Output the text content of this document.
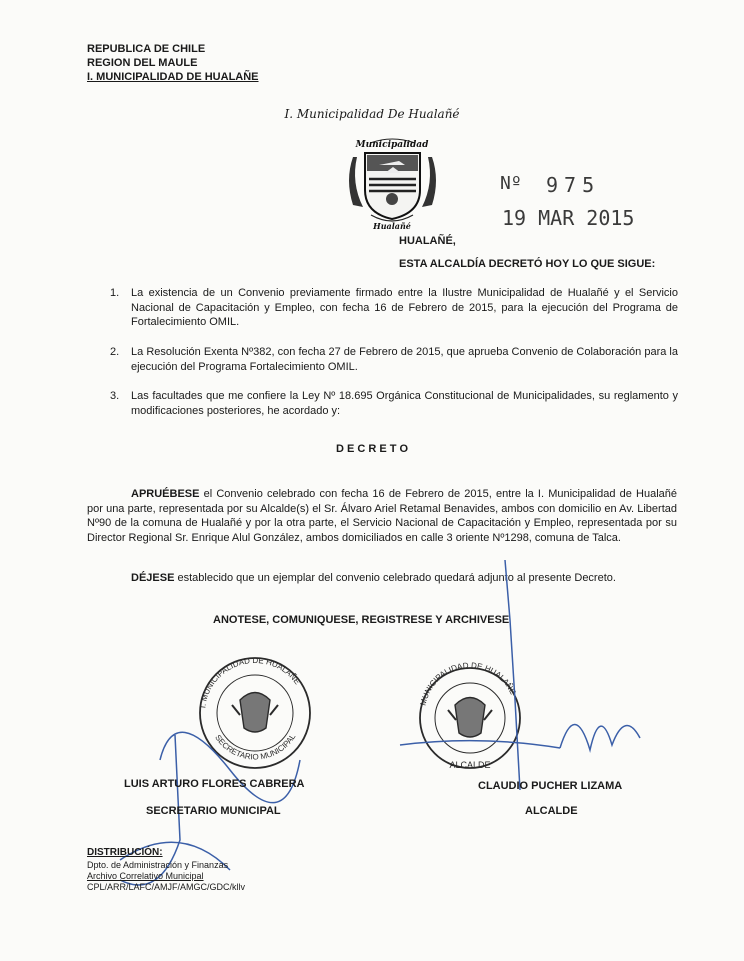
REPUBLICA DE CHILE
REGION DEL MAULE
I. MUNICIPALIDAD DE HUALAÑE
I. Municipalidad De Hualañé
Municipalidad
Hualañé
Nº 975
19 MAR 2015
HUALAÑÉ,
ESTA ALCALDÍA DECRETÓ HOY LO QUE SIGUE:
1. La existencia de un Convenio previamente firmado entre la Ilustre Municipalidad de Hualañé y el Servicio Nacional de Capacitación y Empleo, con fecha 16 de Febrero de 2015, para la ejecución del Programa de Fortalecimiento OMIL.
2. La Resolución Exenta Nº382, con fecha 27 de Febrero de 2015, que aprueba Convenio de Colaboración para la ejecución del Programa Fortalecimiento OMIL.
3. Las facultades que me confiere la Ley Nº 18.695 Orgánica Constitucional de Municipalidades, su reglamento y modificaciones posteriores, he acordado y:
D E C R E T O
APRUÉBESE el Convenio celebrado con fecha 16 de Febrero de 2015, entre la I. Municipalidad de Hualañé por una parte, representada por su Alcalde(s) el Sr. Álvaro Ariel Retamal Benavides, ambos con domicilio en Av. Libertad Nº90 de la comuna de Hualañé y por la otra parte, el Servicio Nacional de Capacitación y Empleo, representada por su Director Regional Sr. Enrique Alul González, ambos domiciliados en calle 3 oriente Nº1298, comuna de Talca.
DÉJESE establecido que un ejemplar del convenio celebrado quedará adjunto al presente Decreto.
ANOTESE, COMUNIQUESE, REGISTRESE Y ARCHIVESE
I. MUNICIPALIDAD DE HUALAÑE
SECRETARIO MUNICIPAL
MUNICIPALIDAD DE HUALAÑE
ALCALDE
LUIS ARTURO FLORES CABRERA
SECRETARIO MUNICIPAL
CLAUDIO PUCHER LIZAMA
ALCALDE
DISTRIBUCIÓN:
Dpto. de Administración y Finanzas
Archivo Correlativo Municipal
CPL/ARR/LAFC/AMJF/AMGC/GDC/kllv
